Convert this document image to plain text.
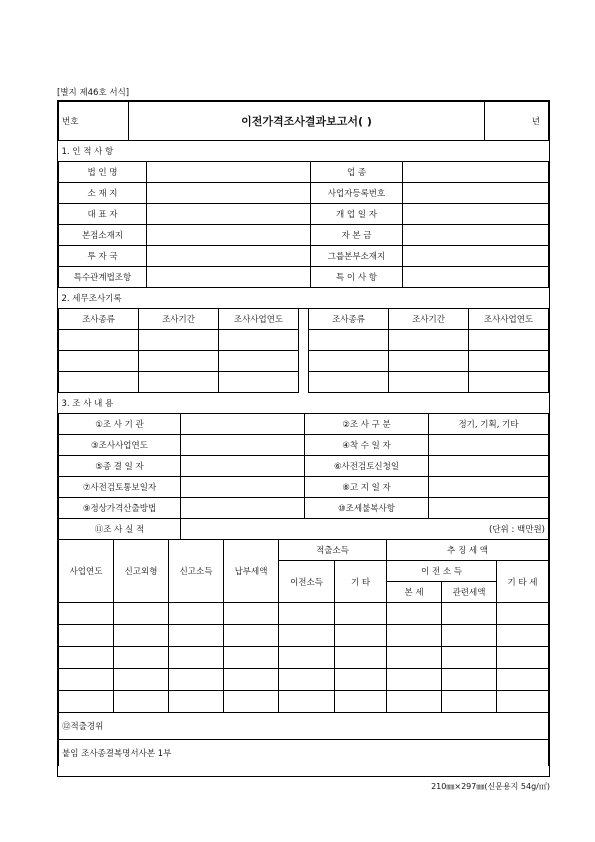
[별지 제46호 서식]
번호	이전가격조사결과보고서( )	년
1. 인 적 사 항			
법 인 명		업 종	
소 재 지		사업자등록번호	
대 표 자		개 업 일 자	
본점소재지		자 본 금	
투 자 국		그룹본부소재지	
특수관계법조항		특 이 사 항	
2. 세무조사기록						
조사종류	조사기간	조사사업연도		조사종류	조사기간	조사사업연도

3. 조 사 내 용			
①조 사 기 관		②조 사 구 분	정기, 기획, 기타
③조사사업연도		④착 수 일 자	
⑤종 결 일 자		⑥사전검토신청일	
⑦사전검토통보일자		⑧고 지 일 자	
⑨정상가격산출방법		⑩조세불복사항	
⑪조 사 실 적	(단위 : 백만원)		
사업연도	신고외형	신고소득	납부세액	적출소득		추 징 세 액		
				이전소득	기 타	이 전 소 득		기 타 세
						본 세	관련세액	

⑫적출경위
붙임 조사종결복명서사본 1부
210㎜×297㎜(신문용지 54g/㎡)
